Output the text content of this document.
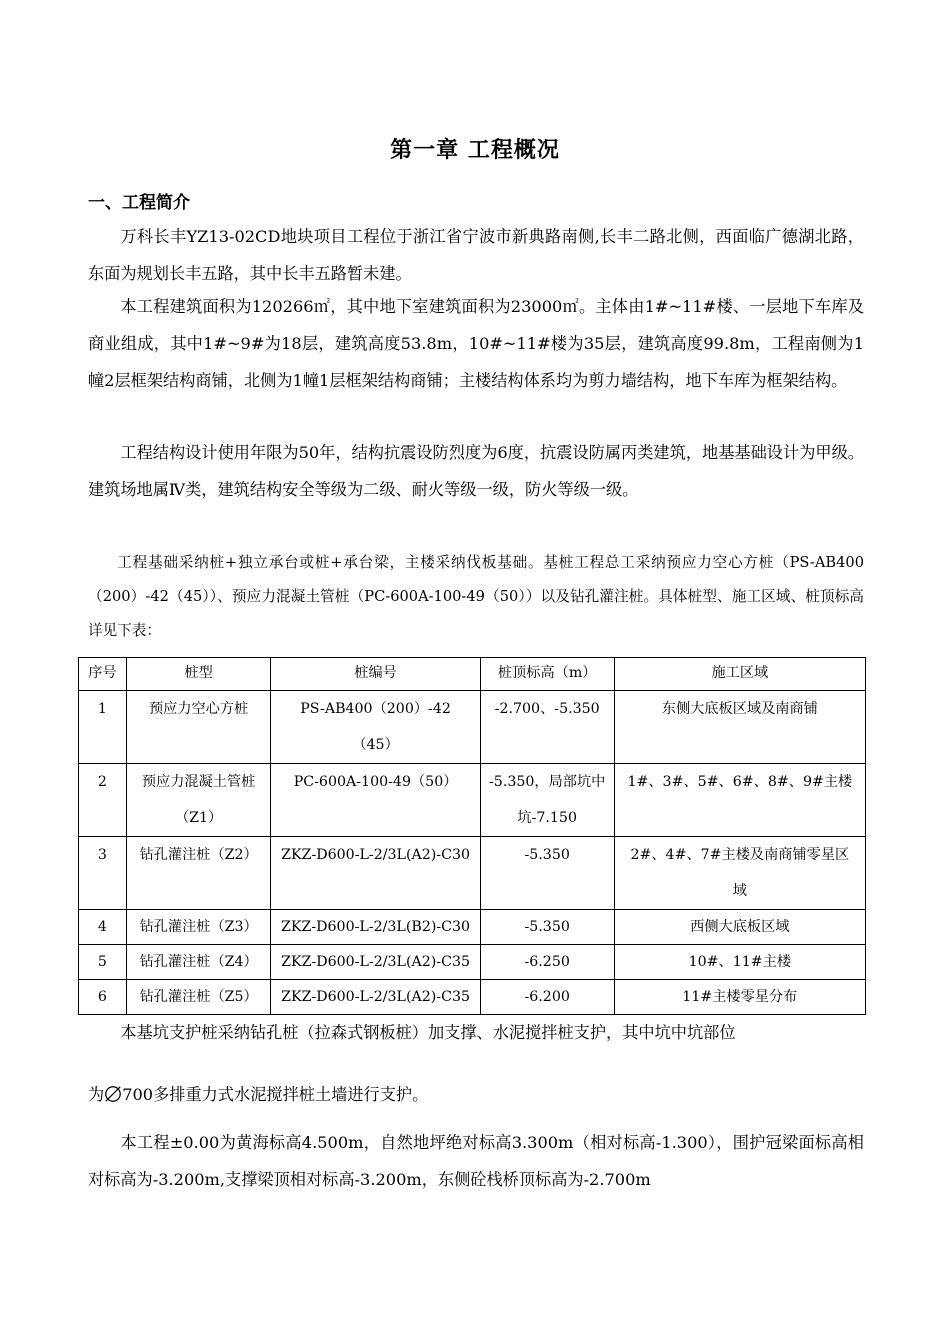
第一章 工程概况
一、工程简介

万科长丰YZ13-02CD地块项目工程位于浙江省宁波市新典路南侧,长丰二路北侧，西面临广德湖北路，东面为规划长丰五路，其中长丰五路暂未建。

本工程建筑面积为120266㎡，其中地下室建筑面积为23000㎡。主体由1#~11#楼、一层地下车库及商业组成，其中1#~9#为18层，建筑高度53.8m，10#~11#楼为35层，建筑高度99.8m，工程南侧为1幢2层框架结构商铺，北侧为1幢1层框架结构商铺；主楼结构体系均为剪力墙结构，地下车库为框架结构。

工程结构设计使用年限为50年，结构抗震设防烈度为6度，抗震设防属丙类建筑，地基基础设计为甲级。建筑场地属Ⅳ类，建筑结构安全等级为二级、耐火等级一级，防火等级一级。

工程基础采纳桩+独立承台或桩+承台梁，主楼采纳伐板基础。基桩工程总工采纳预应力空心方桩（PS-AB400（200）-42（45））、预应力混凝土管桩（PC-600A-100-49（50））以及钻孔灌注桩。具体桩型、施工区域、桩顶标高详见下表：

序号	桩型	桩编号	桩顶标高（m）	施工区域
1	预应力空心方桩	PS-AB400（200）-42（45）	-2.700、-5.350	东侧大底板区域及南商铺
2	预应力混凝土管桩（Z1）	PC-600A-100-49（50）	-5.350，局部坑中坑-7.150	1#、3#、5#、6#、8#、9#主楼
3	钻孔灌注桩（Z2）	ZKZ-D600-L-2/3L(A2)-C30	-5.350	2#、4#、7#主楼及南商铺零星区域
4	钻孔灌注桩（Z3）	ZKZ-D600-L-2/3L(B2)-C30	-5.350	西侧大底板区域
5	钻孔灌注桩（Z4）	ZKZ-D600-L-2/3L(A2)-C35	-6.250	10#、11#主楼
6	钻孔灌注桩（Z5）	ZKZ-D600-L-2/3L(A2)-C35	-6.200	11#主楼零星分布

本基坑支护桩采纳钻孔桩（拉森式钢板桩）加支撑、水泥搅拌桩支护，其中坑中坑部位

为 700多排重力式水泥搅拌桩土墙进行支护。

本工程±0.00为黄海标高4.500m，自然地坪绝对标高3.300m（相对标高-1.300），围护冠梁面标高相对标高为-3.200m,支撑梁顶相对标高-3.200m，东侧砼栈桥顶标高为-2.700m
